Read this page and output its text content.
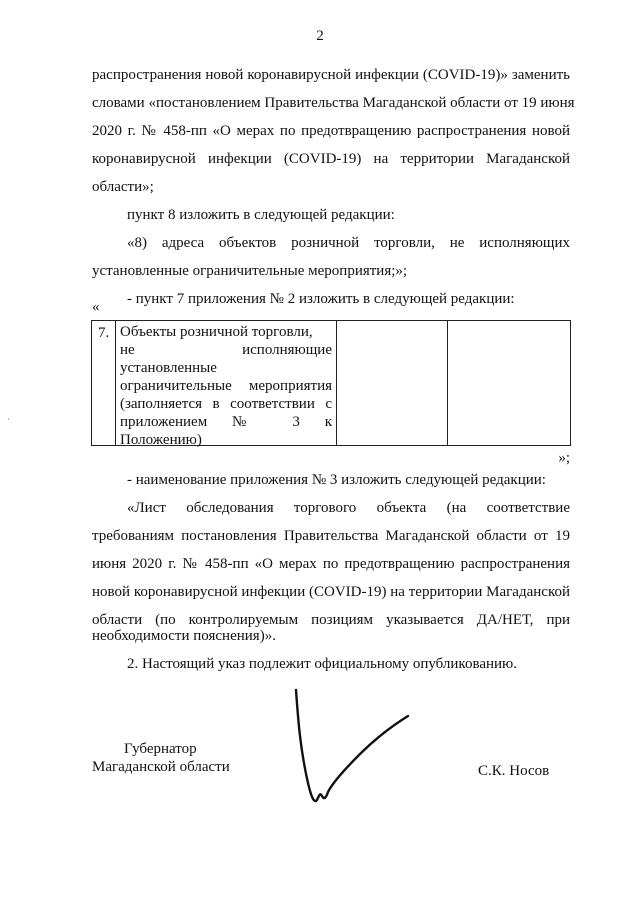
2
распространения новой коронавирусной инфекции (COVID-19)» заменить
словами «постановлением Правительства Магаданской области от 19 июня
2020 г. № 458-пп «О мерах по предотвращению распространения новой
коронавирусной инфекции (COVID-19) на территории Магаданской
области»;
пункт 8 изложить в следующей редакции:
«8) адреса объектов розничной торговли, не исполняющих
установленные ограничительные мероприятия;»;
- пункт 7 приложения № 2 изложить в следующей редакции:
«
7. Объекты розничной торговли,
не исполняющие
установленные
ограничительные мероприятия
(заполняется в соответствии с
приложением № 3 к
Положению)
»;
- наименование приложения № 3 изложить следующей редакции:
«Лист обследования торгового объекта (на соответствие
требованиям постановления Правительства Магаданской области от 19
июня 2020 г. № 458-пп «О мерах по предотвращению распространения
новой коронавирусной инфекции (COVID-19) на территории Магаданской
области (по контролируемым позициям указывается ДА/НЕТ, при
необходимости пояснения)».
2. Настоящий указ подлежит официальному опубликованию.
Губернатор
Магаданской области	С.К. Носов
